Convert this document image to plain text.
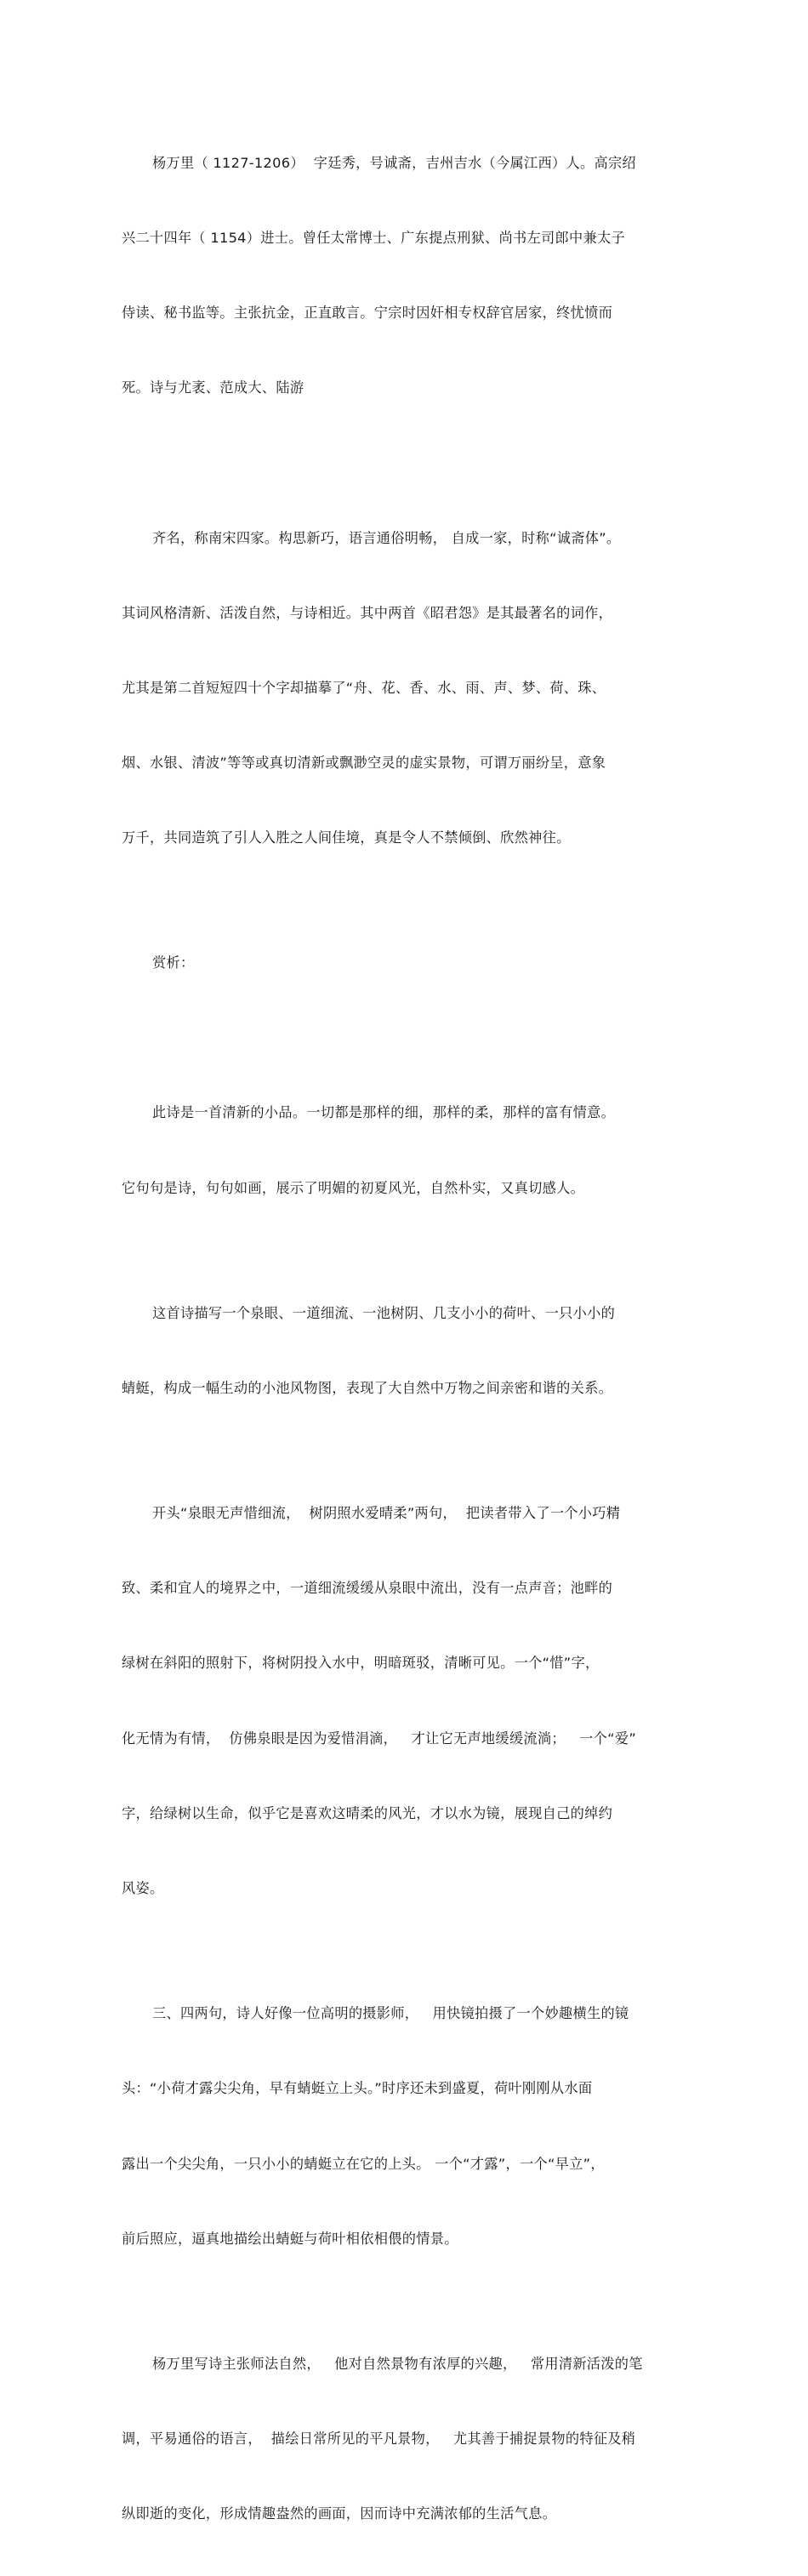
杨万里（ 1127-1206）  字廷秀，号诚斋，吉州吉水（今属江西）人。高宗绍

兴二十四年（ 1154）进士。曾任太常博士、广东提点刑狱、尚书左司郎中兼太子

侍读、秘书监等。主张抗金，正直敢言。宁宗时因奸相专权辞官居家，终忧愤而

死。诗与尤袤、范成大、陆游

齐名，称南宋四家。构思新巧，语言通俗明畅， 自成一家，时称“诚斋体”。

其词风格清新、活泼自然，与诗相近。其中两首《昭君怨》是其最著名的词作，

尤其是第二首短短四十个字却描摹了“舟、花、香、水、雨、声、梦、荷、珠、

烟、水银、清波”等等或真切清新或飘渺空灵的虚实景物，可谓万丽纷呈，意象

万千，共同造筑了引人入胜之人间佳境，真是令人不禁倾倒、欣然神往。

赏析：

此诗是一首清新的小品。一切都是那样的细，那样的柔，那样的富有情意。

它句句是诗，句句如画，展示了明媚的初夏风光，自然朴实，又真切感人。

这首诗描写一个泉眼、一道细流、一池树阴、几支小小的荷叶、一只小小的

蜻蜓，构成一幅生动的小池风物图，表现了大自然中万物之间亲密和谐的关系。

开头“泉眼无声惜细流，  树阴照水爱晴柔”两句，  把读者带入了一个小巧精

致、柔和宜人的境界之中，一道细流缓缓从泉眼中流出，没有一点声音；池畔的

绿树在斜阳的照射下，将树阴投入水中，明暗斑驳，清晰可见。一个“惜”字，

化无情为有情，  仿佛泉眼是因为爱惜涓滴，   才让它无声地缓缓流淌；   一个“爱”

字，给绿树以生命，似乎它是喜欢这晴柔的风光，才以水为镜，展现自己的绰约

风姿。

三、四两句，诗人好像一位高明的摄影师，   用快镜拍摄了一个妙趣横生的镜

头：“小荷才露尖尖角，早有蜻蜓立上头。”时序还未到盛夏，荷叶刚刚从水面

露出一个尖尖角，一只小小的蜻蜓立在它的上头。 一个“才露”，一个“早立”，

前后照应，逼真地描绘出蜻蜓与荷叶相依相偎的情景。

杨万里写诗主张师法自然，   他对自然景物有浓厚的兴趣，   常用清新活泼的笔

调，平易通俗的语言，  描绘日常所见的平凡景物，   尤其善于捕捉景物的特征及稍

纵即逝的变化，形成情趣盎然的画面，因而诗中充满浓郁的生活气息。
